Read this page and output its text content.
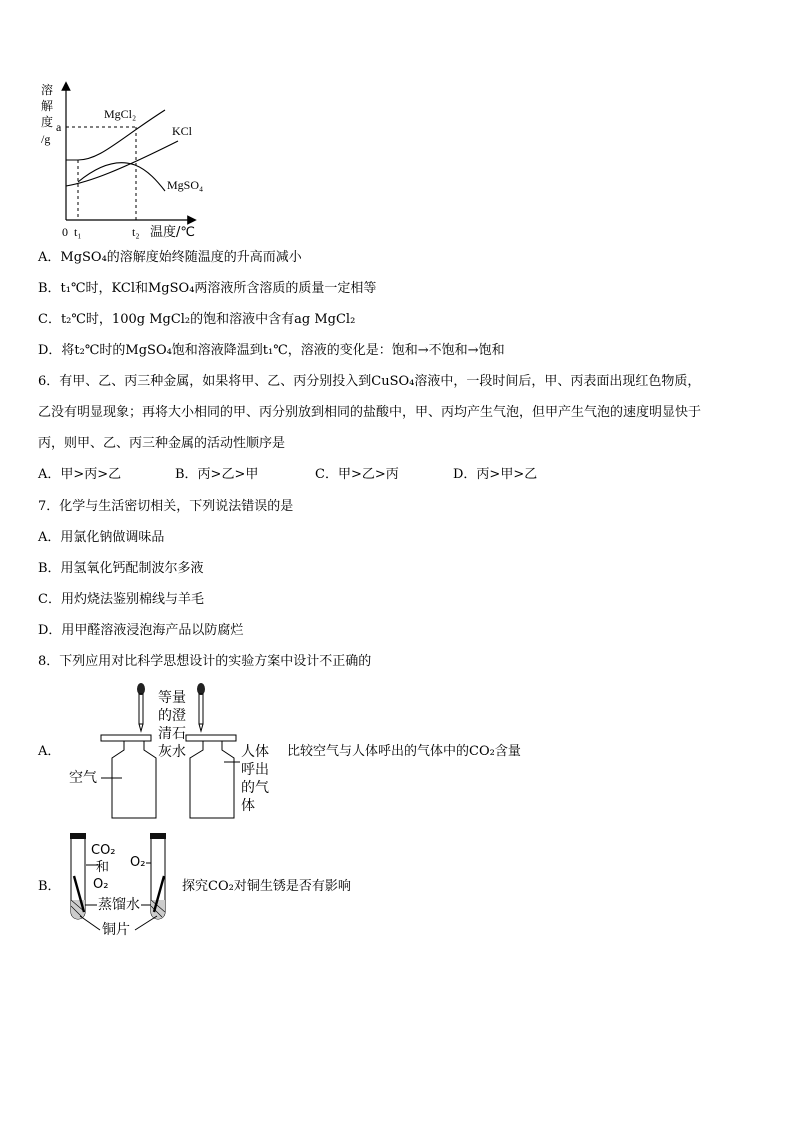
溶
解
度
/g
a
MgCl₂
KCl
MgSO₄
0 t₁	t₂ 温度/℃
A．MgSO₄的溶解度始终随温度的升高而减小
B．t₁℃时，KCl和MgSO₄两溶液所含溶质的质量一定相等
C．t₂℃时，100g MgCl₂的饱和溶液中含有ag MgCl₂
D．将t₂℃时的MgSO₄饱和溶液降温到t₁℃，溶液的变化是：饱和→不饱和→饱和
6．有甲、乙、丙三种金属，如果将甲、乙、丙分别投入到CuSO₄溶液中，一段时间后，甲、丙表面出现红色物质，
乙没有明显现象；再将大小相同的甲、丙分别放到相同的盐酸中，甲、丙均产生气泡，但甲产生气泡的速度明显快于
丙，则甲、乙、丙三种金属的活动性顺序是
A．甲>丙>乙	B．丙>乙>甲	C．甲>乙>丙	D．丙>甲>乙
7．化学与生活密切相关，下列说法错误的是
A．用氯化钠做调味品
B．用氢氧化钙配制波尔多液
C．用灼烧法鉴别棉线与羊毛
D．用甲醛溶液浸泡海产品以防腐烂
8．下列应用对比科学思想设计的实验方案中设计不正确的
A．	比较空气与人体呼出的气体中的CO₂含量
B．	探究CO₂对铜生锈是否有影响
等量
的澄
清石
灰水
空气
人体
呼出
的气
体
CO₂
和
O₂
O₂
蒸馏水
铜片
